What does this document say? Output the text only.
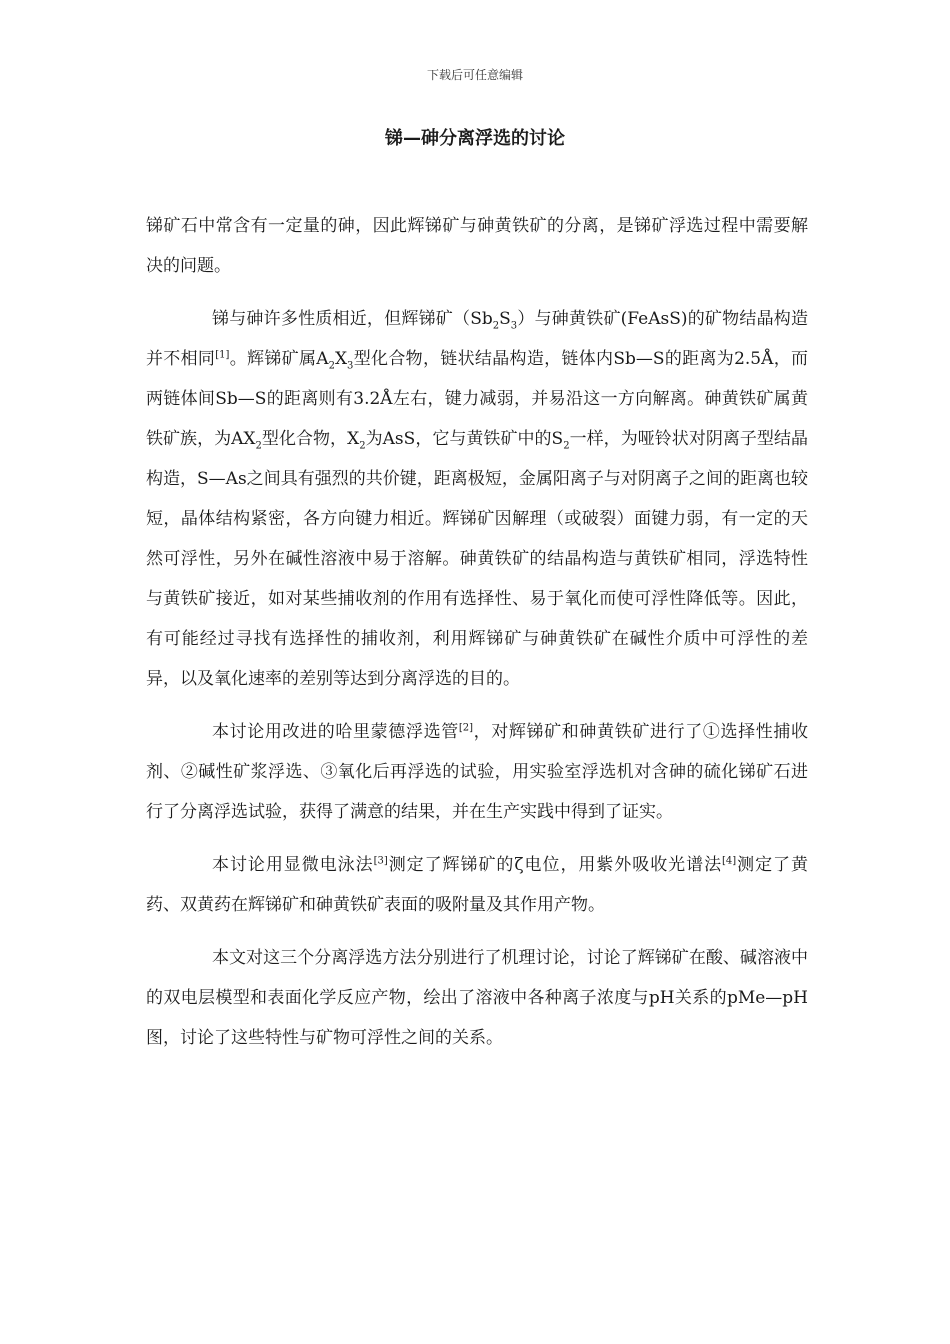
下载后可任意编辑
锑—砷分离浮选的讨论

锑矿石中常含有一定量的砷，因此辉锑矿与砷黄铁矿的分离，是锑矿浮选过程中需要解决的问题。

锑与砷许多性质相近，但辉锑矿$(Sb_2S_3)$与砷黄铁矿(FeAsS)的矿物结晶构造并不相同[1]。辉锑矿属$A_2X_3$型化合物，链状结晶构造，链体内Sb—S的距离为2.5Å，而两链体间Sb—S的距离则有3.2Å左右，键力减弱，并易沿这一方向解离。砷黄铁矿属黄铁矿族，为$AX_2$型化合物，$X_2$为AsS，它与黄铁矿中的$S_2$一样，为哑铃状对阴离子型结晶构造，S—As之间具有强烈的共价键，距离极短，金属阳离子与对阴离子之间的距离也较短，晶体结构紧密，各方向键力相近。辉锑矿因解理（或破裂）面键力弱，有一定的天然可浮性，另外在碱性溶液中易于溶解。砷黄铁矿的结晶构造与黄铁矿相同，浮选特性与黄铁矿接近，如对某些捕收剂的作用有选择性、易于氧化而使可浮性降低等。因此，有可能经过寻找有选择性的捕收剂，利用辉锑矿与砷黄铁矿在碱性介质中可浮性的差异，以及氧化速率的差别等达到分离浮选的目的。

本讨论用改进的哈里蒙德浮选管[2]，对辉锑矿和砷黄铁矿进行了①选择性捕收剂、②碱性矿浆浮选、③氧化后再浮选的试验，用实验室浮选机对含砷的硫化锑矿石进行了分离浮选试验，获得了满意的结果，并在生产实践中得到了证实。

本讨论用显微电泳法[3]测定了辉锑矿的ζ电位，用紫外吸收光谱法[4]测定了黄药、双黄药在辉锑矿和砷黄铁矿表面的吸附量及其作用产物。

本文对这三个分离浮选方法分别进行了机理讨论，讨论了辉锑矿在酸、碱溶液中的双电层模型和表面化学反应产物，绘出了溶液中各种离子浓度与pH关系的pMe—pH图，讨论了这些特性与矿物可浮性之间的关系。
